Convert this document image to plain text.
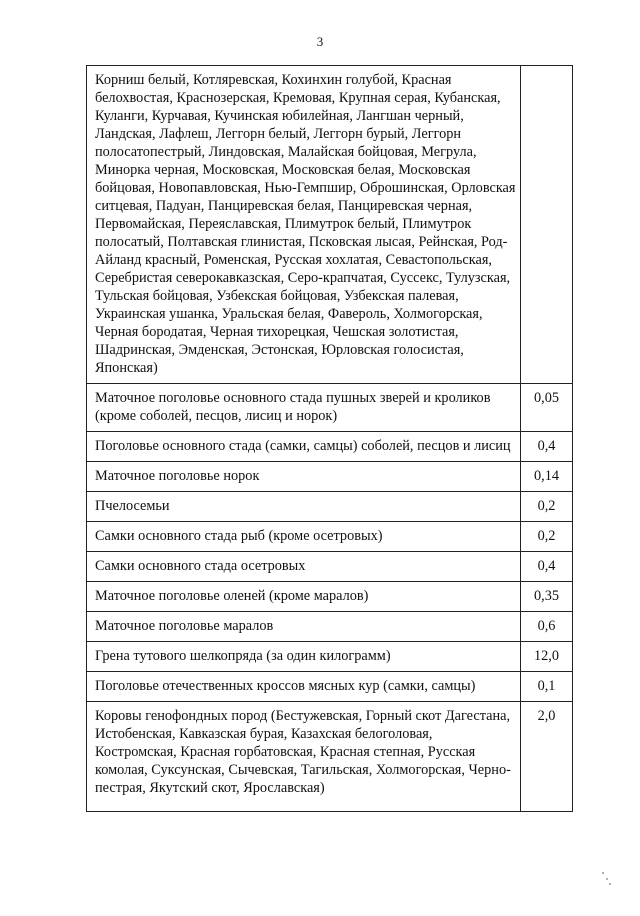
3
Корниш белый, Котляревская, Кохинхин голубой, Красная белохвостая, Краснозерская, Кремовая, Крупная серая, Кубанская, Куланги, Курчавая, Кучинская юбилейная, Лангшан черный, Ландская, Лафлеш, Леггорн белый, Леггорн бурый, Леггорн полосатопестрый, Линдовская, Малайская бойцовая, Мегрула, Минорка черная, Московская, Московская белая, Московская бойцовая, Новопавловская, Нью-Гемпшир, Оброшинская, Орловская ситцевая, Падуан, Панциревская белая, Панциревская черная, Первомайская, Переяславская, Плимутрок белый, Плимутрок полосатый, Полтавская глинистая, Псковская лысая, Рейнская, Род-Айланд красный, Роменская, Русская хохлатая, Севастопольская, Серебристая северокавказская, Серо-крапчатая, Суссекс, Тулузская, Тульская бойцовая, Узбекская бойцовая, Узбекская палевая, Украинская ушанка, Уральская белая, Фавероль, Холмогорская, Черная бородатая, Черная тихорецкая, Чешская золотистая, Шадринская, Эмденская, Эстонская, Юрловская голосистая, Японская)	
Маточное поголовье основного стада пушных зверей и кроликов (кроме соболей, песцов, лисиц и норок)	0,05
Поголовье основного стада (самки, самцы) соболей, песцов и лисиц	0,4
Маточное поголовье норок	0,14
Пчелосемьи	0,2
Самки основного стада рыб (кроме осетровых)	0,2
Самки основного стада осетровых	0,4
Маточное поголовье оленей (кроме маралов)	0,35
Маточное поголовье маралов	0,6
Грена тутового шелкопряда (за один килограмм)	12,0
Поголовье отечественных кроссов мясных кур (самки, самцы)	0,1
Коровы генофондных пород (Бестужевская, Горный скот Дагестана, Истобенская, Кавказская бурая, Казахская белоголовая, Костромская, Красная горбатовская, Красная степная, Русская комолая, Суксунская, Сычевская, Тагильская, Холмогорская, Черно-пестрая, Якутский скот, Ярославская)	2,0
